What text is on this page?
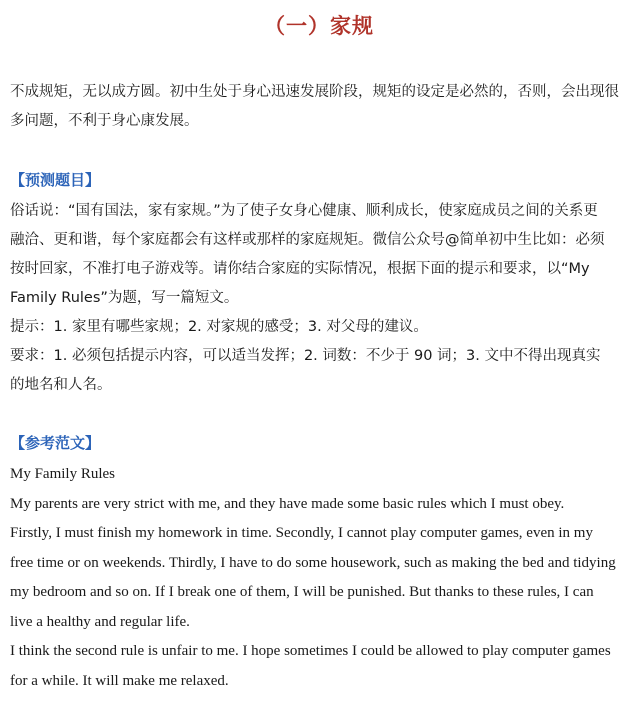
（一）家规

不成规矩，无以成方圆。初中生处于身心迅速发展阶段，规矩的设定是必然的，否则，会出现很多问题，不利于身心康发展。

【预测题目】
俗话说：“国有国法，家有家规。”为了使子女身心健康、顺利成长，使家庭成员之间的关系更
融洽、更和谐，每个家庭都会有这样或那样的家庭规矩。微信公众号@简单初中生比如：必须
按时回家，不准打电子游戏等。请你结合家庭的实际情况，根据下面的提示和要求，以“My
Family Rules”为题，写一篇短文。
提示：1. 家里有哪些家规；2. 对家规的感受；3. 对父母的建议。
要求：1. 必须包括提示内容，可以适当发挥；2. 词数：不少于 90 词；3. 文中不得出现真实
的地名和人名。
【参考范文】
My Family Rules
My parents are very strict with me, and they have made some basic rules which I must obey.
Firstly, I must finish my homework in time. Secondly, I cannot play computer games, even in my
free time or on weekends. Thirdly, I have to do some housework, such as making the bed and tidying
my bedroom and so on. If I break one of them, I will be punished. But thanks to these rules, I can
live a healthy and regular life.
I think the second rule is unfair to me. I hope sometimes I could be allowed to play computer games
for a while. It will make me relaxed.
